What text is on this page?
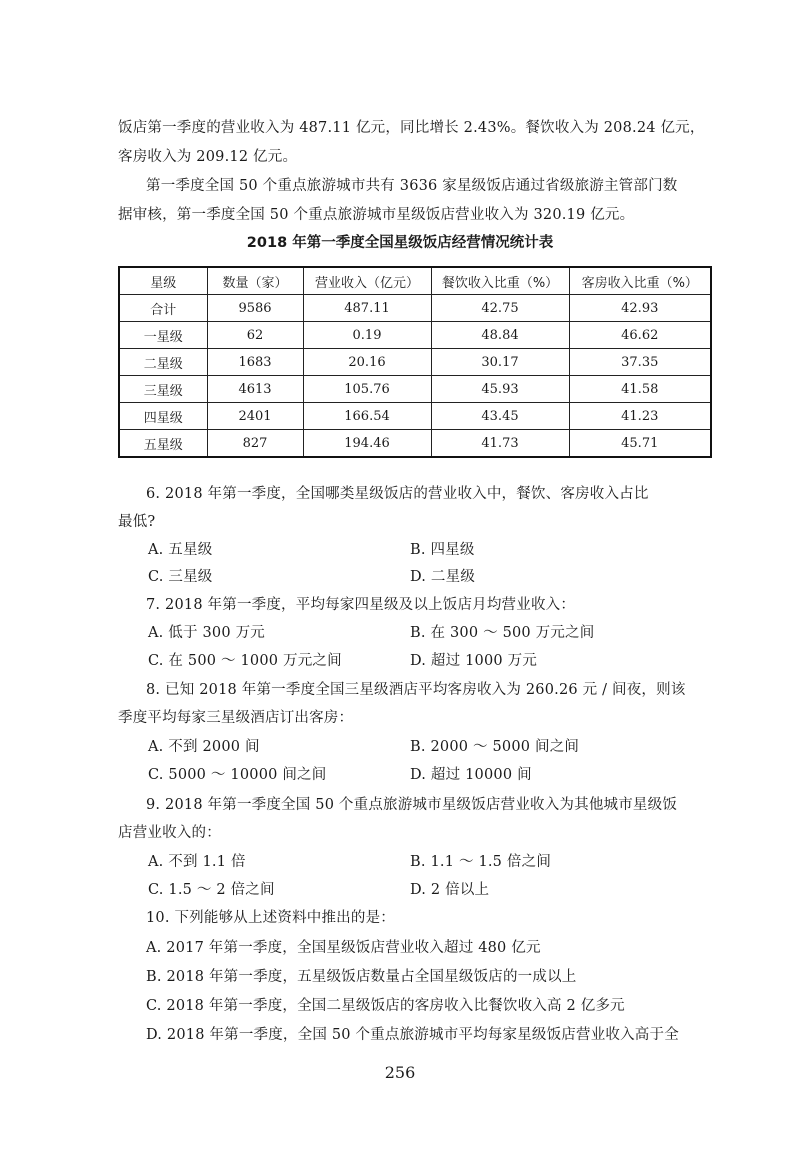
饭店第一季度的营业收入为 487.11 亿元，同比增长 2.43%。餐饮收入为 208.24 亿元，
客房收入为 209.12 亿元。
第一季度全国 50 个重点旅游城市共有 3636 家星级饭店通过省级旅游主管部门数
据审核，第一季度全国 50 个重点旅游城市星级饭店营业收入为 320.19 亿元。
2018 年第一季度全国星级饭店经营情况统计表
星级	数量（家）	营业收入（亿元）	餐饮收入比重（%）	客房收入比重（%）
合计	9586	487.11	42.75	42.93
一星级	62	0.19	48.84	46.62
二星级	1683	20.16	30.17	37.35
三星级	4613	105.76	45.93	41.58
四星级	2401	166.54	43.45	41.23
五星级	827	194.46	41.73	45.71
6. 2018 年第一季度，全国哪类星级饭店的营业收入中，餐饮、客房收入占比
最低?
A. 五星级	B. 四星级
C. 三星级	D. 二星级
7. 2018 年第一季度，平均每家四星级及以上饭店月均营业收入：
A. 低于 300 万元	B. 在 300 ～ 500 万元之间
C. 在 500 ～ 1000 万元之间	D. 超过 1000 万元
8. 已知 2018 年第一季度全国三星级酒店平均客房收入为 260.26 元 / 间夜，则该
季度平均每家三星级酒店订出客房：
A. 不到 2000 间	B. 2000 ～ 5000 间之间
C. 5000 ～ 10000 间之间	D. 超过 10000 间
9. 2018 年第一季度全国 50 个重点旅游城市星级饭店营业收入为其他城市星级饭
店营业收入的：
A. 不到 1.1 倍	B. 1.1 ～ 1.5 倍之间
C. 1.5 ～ 2 倍之间	D. 2 倍以上
10. 下列能够从上述资料中推出的是：
A. 2017 年第一季度，全国星级饭店营业收入超过 480 亿元
B. 2018 年第一季度，五星级饭店数量占全国星级饭店的一成以上
C. 2018 年第一季度，全国二星级饭店的客房收入比餐饮收入高 2 亿多元
D. 2018 年第一季度，全国 50 个重点旅游城市平均每家星级饭店营业收入高于全
256
